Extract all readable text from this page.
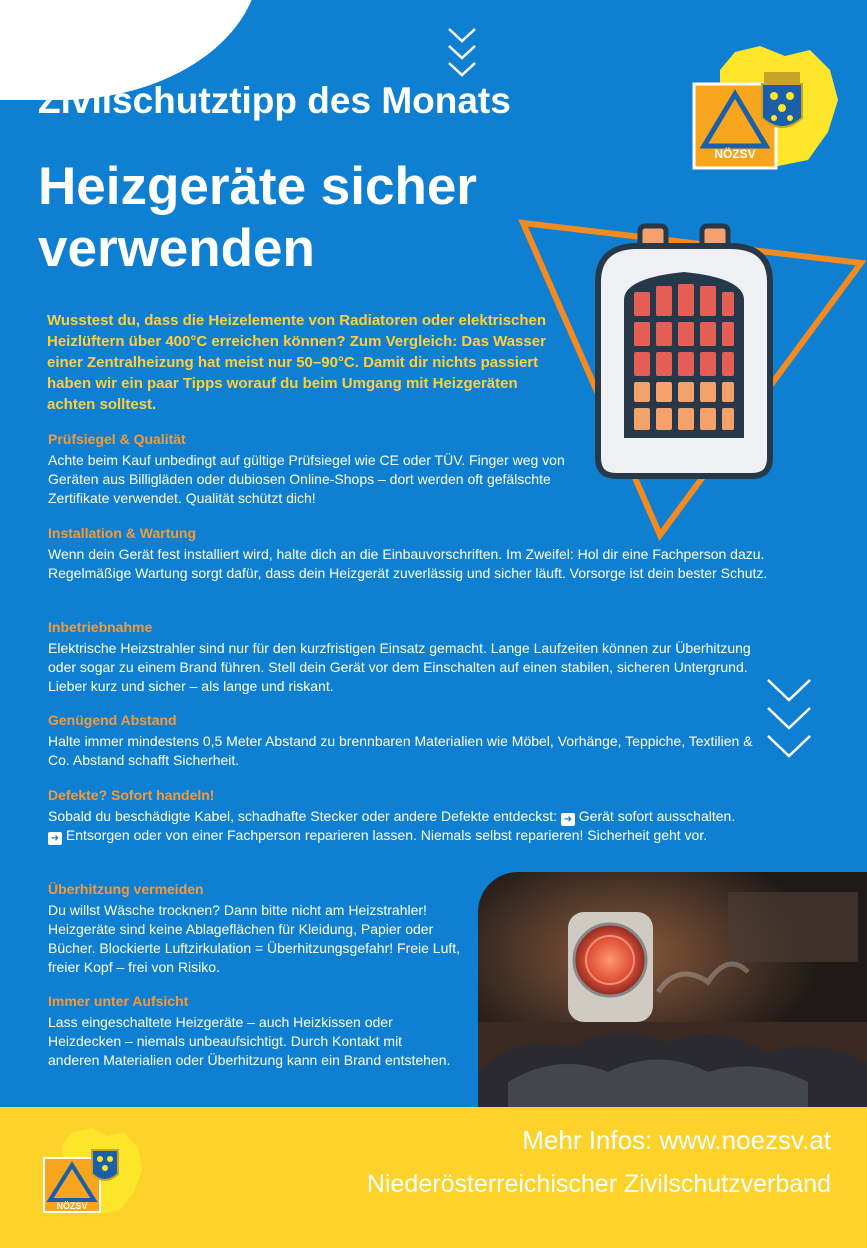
NÖZSV
Zivilschutztipp des Monats
Heizgeräte sicher verwenden

Wusstest du, dass die Heizelemente von Radiatoren oder elektrischen Heizlüftern über 400°C erreichen können? Zum Vergleich: Das Wasser einer Zentralheizung hat meist nur 50–90°C. Damit dir nichts passiert haben wir ein paar Tipps worauf du beim Umgang mit Heizgeräten achten solltest.

Prüfsiegel & Qualität

Achte beim Kauf unbedingt auf gültige Prüfsiegel wie CE oder TÜV. Finger weg von Geräten aus Billigläden oder dubiosen Online-Shops – dort werden oft gefälschte Zertifikate verwendet. Qualität schützt dich!

Installation & Wartung

Wenn dein Gerät fest installiert wird, halte dich an die Einbauvorschriften. Im Zweifel: Hol dir eine Fachperson dazu. Regelmäßige Wartung sorgt dafür, dass dein Heizgerät zuverlässig und sicher läuft. Vorsorge ist dein bester Schutz.

Inbetriebnahme

Elektrische Heizstrahler sind nur für den kurzfristigen Einsatz gemacht. Lange Laufzeiten können zur Überhitzung oder sogar zu einem Brand führen. Stell dein Gerät vor dem Einschalten auf einen stabilen, sicheren Untergrund. Lieber kurz und sicher – als lange und riskant.

Genügend Abstand

Halte immer mindestens 0,5 Meter Abstand zu brennbaren Materialien wie Möbel, Vorhänge, Teppiche, Textilien & Co. Abstand schafft Sicherheit.

Defekte? Sofort handeln!

Sobald du beschädigte Kabel, schadhafte Stecker oder andere Defekte entdeckst: ➜ Gerät sofort ausschalten. ➜ Entsorgen oder von einer Fachperson reparieren lassen. Niemals selbst reparieren! Sicherheit geht vor.

Überhitzung vermeiden

Du willst Wäsche trocknen? Dann bitte nicht am Heizstrahler! Heizgeräte sind keine Ablageflächen für Kleidung, Papier oder Bücher. Blockierte Luftzirkulation = Überhitzungsgefahr! Freie Luft, freier Kopf – frei von Risiko.

Immer unter Aufsicht

Lass eingeschaltete Heizgeräte – auch Heizkissen oder Heizdecken – niemals unbeaufsichtigt. Durch Kontakt mit anderen Materialien oder Überhitzung kann ein Brand entstehen.

NÖZSV

Mehr Infos: www.noezsv.at

Niederösterreichischer Zivilschutzverband
